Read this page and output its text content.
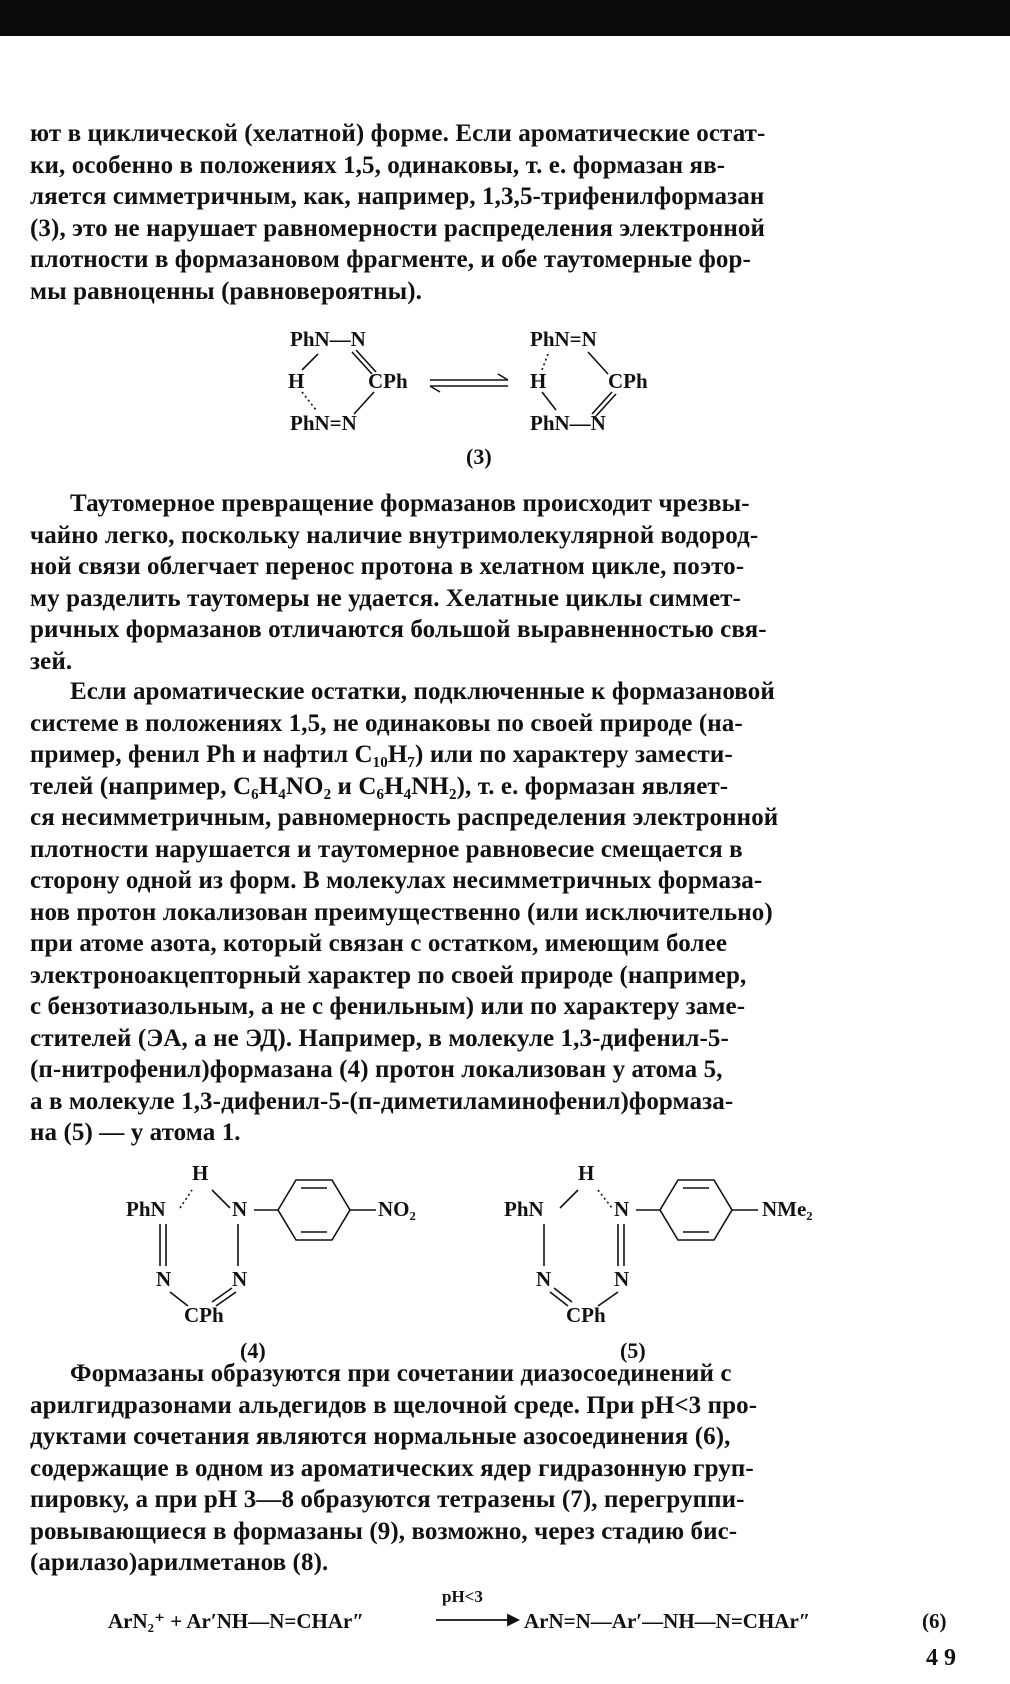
ют в циклической (хелатной) форме. Если ароматические остат-
ки, особенно в положениях 1,5, одинаковы, т. е. формазан яв-
ляется симметричным, как, например, 1,3,5-трифенилформазан
(3), это не нарушает равномерности распределения электронной
плотности в формазановом фрагменте, и обе таутомерные фор-
мы равноценны (равновероятны).
PhN—N
H	CPh
PhN=N
PhN=N
H	CPh
PhN—N
(3)
Таутомерное превращение формазанов происходит чрезвы-
чайно легко, поскольку наличие внутримолекулярной водород-
ной связи облегчает перенос протона в хелатном цикле, поэто-
му разделить таутомеры не удается. Хелатные циклы симмет-
ричных формазанов отличаются большой выравненностью свя-
зей.
Если ароматические остатки, подключенные к формазановой
системе в положениях 1,5, не одинаковы по своей природе (на-
пример, фенил Ph и нафтил C₁₀H₇) или по характеру замести-
телей (например, C₆H₄NO₂ и C₆H₄NH₂), т. е. формазан являет-
ся несимметричным, равномерность распределения электронной
плотности нарушается и таутомерное равновесие смещается в
сторону одной из форм. В молекулах несимметричных формаза-
нов протон локализован преимущественно (или исключительно)
при атоме азота, который связан с остатком, имеющим более
электроноакцепторный характер по своей природе (например,
с бензотиазольным, а не с фенильным) или по характеру заме-
стителей (ЭА, а не ЭД). Например, в молекуле 1,3-дифенил-5-
(п-нитрофенил)формазана (4) протон локализован у атома 5,
а в молекуле 1,3-дифенил-5-(п-диметиламинофенил)формаза-
на (5) — у атома 1.
H
PhN	N
N	N
CPh
NO₂
(4)
H
PhN	N
N	N
CPh
NMe₂
(5)
Формазаны образуются при сочетании диазосоединений с
арилгидразонами альдегидов в щелочной среде. При pH<3 про-
дуктами сочетания являются нормальные азосоединения (6),
содержащие в одном из ароматических ядер гидразонную груп-
пировку, а при pH 3—8 образуются тетразены (7), перегруппи-
ровывающиеся в формазаны (9), возможно, через стадию бис-
(арилазо)арилметанов (8).
ArN₂⁺ + Ar′NH—N=CHAr″
pH<3
ArN=N—Ar′—NH—N=CHAr″	(6)
49
